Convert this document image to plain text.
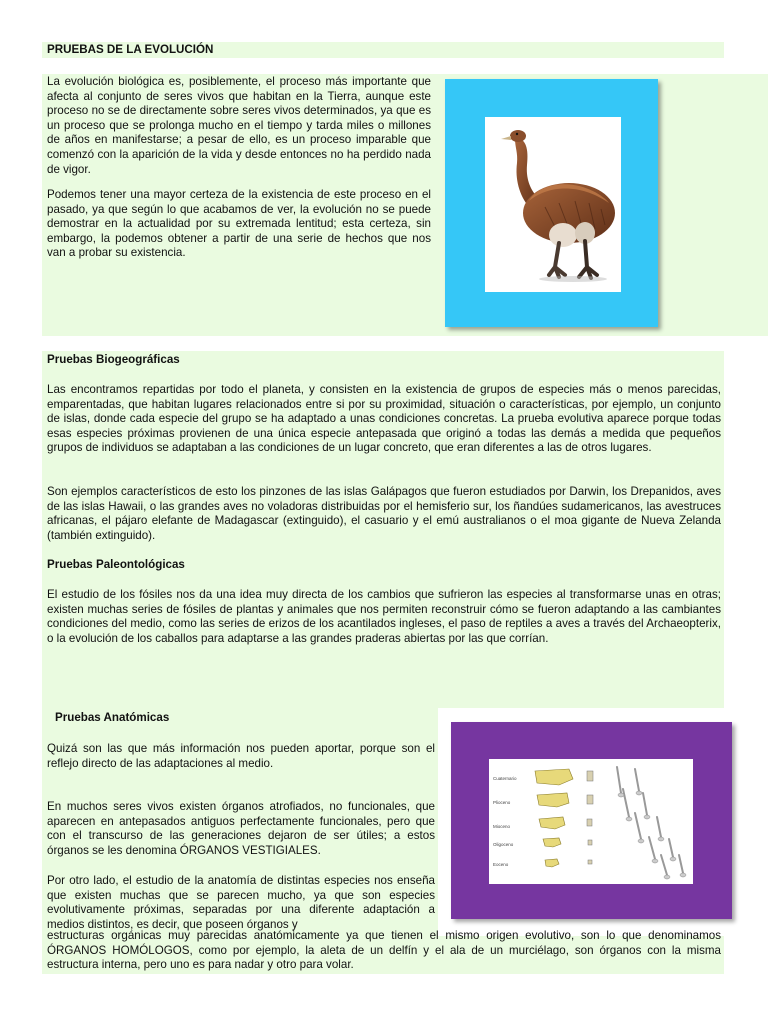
PRUEBAS DE LA EVOLUCIÓN

La evolución biológica es, posiblemente, el proceso más importante que afecta al conjunto de seres vivos que habitan en la Tierra, aunque este proceso no se de directamente sobre seres vivos determinados, ya que es un proceso que se prolonga mucho en el tiempo y tarda miles o millones de años en manifestarse; a pesar de ello, es un proceso imparable que comenzó con la aparición de la vida y desde entonces no ha perdido nada de vigor.

Podemos tener una mayor certeza de la existencia de este proceso en el pasado, ya que según lo que acabamos de ver, la evolución no se puede demostrar en la actualidad por su extremada lentitud; esta certeza, sin embargo, la podemos obtener a partir de una serie de hechos que nos van a probar su existencia.

Pruebas Biogeográficas

Las encontramos repartidas por todo el planeta, y consisten en la existencia de grupos de especies más o menos parecidas, emparentadas, que habitan lugares relacionados entre si por su proximidad, situación o características, por ejemplo, un conjunto de islas, donde cada especie del grupo se ha adaptado a unas condiciones concretas. La prueba evolutiva aparece porque todas esas especies próximas provienen de una única especie antepasada que originó a todas las demás a medida que pequeños grupos de individuos se adaptaban a las condiciones de un lugar concreto, que eran diferentes a las de otros lugares.

Son ejemplos característicos de esto los pinzones de las islas Galápagos que fueron estudiados por Darwin, los Drepanidos, aves de las islas Hawaii, o las grandes aves no voladoras distribuidas por el hemisferio sur, los ñandúes sudamericanos, las avestruces africanas, el pájaro elefante de Madagascar (extinguido), el casuario y el emú australianos o el moa gigante de Nueva Zelanda (también extinguido).

Pruebas Paleontológicas

El estudio de los fósiles nos da una idea muy directa de los cambios que sufrieron las especies al transformarse unas en otras; existen muchas series de fósiles de plantas y animales que nos permiten reconstruir cómo se fueron adaptando a las cambiantes condiciones del medio, como las series de erizos de los acantilados ingleses, el paso de reptiles a aves a través del Archaeopterix, o la evolución de los caballos para adaptarse a las grandes praderas abiertas por las que corrían.

Pruebas Anatómicas

Quizá son las que más información nos pueden aportar, porque son el reflejo directo de las adaptaciones al medio.

En muchos seres vivos existen órganos atrofiados, no funcionales, que aparecen en antepasados antiguos perfectamente funcionales, pero que con el transcurso de las generaciones dejaron de ser útiles; a estos órganos se les denomina ÓRGANOS VESTIGIALES.

Por otro lado, el estudio de la anatomía de distintas especies nos enseña que existen muchas que se parecen mucho, ya que son especies evolutivamente próximas, separadas por una diferente adaptación a medios distintos, es decir, que poseen órganos y

estructuras orgánicas muy parecidas anatómicamente ya que tienen el mismo origen evolutivo, son lo que denominamos ÓRGANOS HOMÓLOGOS, como por ejemplo, la aleta de un delfín y el ala de un murciélago, son órganos con la misma estructura interna, pero uno es para nadar y otro para volar.

Cuaternario
Plioceno
Mioceno
Oligoceno
Eoceno
